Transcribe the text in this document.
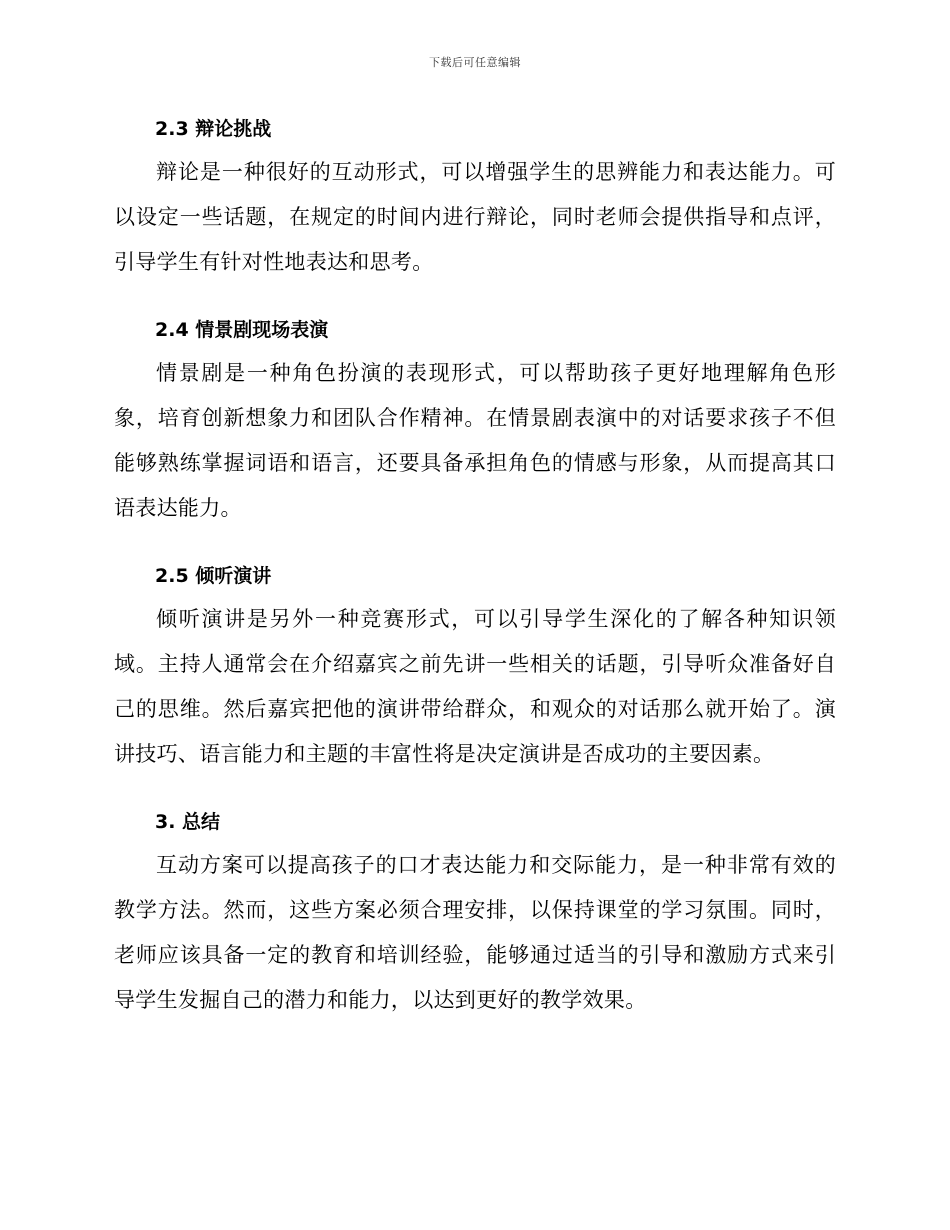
下载后可任意编辑
2.3 辩论挑战

辩论是一种很好的互动形式，可以增强学生的思辨能力和表达能力。可以设定一些话题，在规定的时间内进行辩论，同时老师会提供指导和点评，引导学生有针对性地表达和思考。

2.4 情景剧现场表演

情景剧是一种角色扮演的表现形式，可以帮助孩子更好地理解角色形象，培育创新想象力和团队合作精神。在情景剧表演中的对话要求孩子不但能够熟练掌握词语和语言，还要具备承担角色的情感与形象，从而提高其口语表达能力。

2.5 倾听演讲

倾听演讲是另外一种竞赛形式，可以引导学生深化的了解各种知识领域。主持人通常会在介绍嘉宾之前先讲一些相关的话题，引导听众准备好自己的思维。然后嘉宾把他的演讲带给群众，和观众的对话那么就开始了。演讲技巧、语言能力和主题的丰富性将是决定演讲是否成功的主要因素。

3. 总结

互动方案可以提高孩子的口才表达能力和交际能力，是一种非常有效的教学方法。然而，这些方案必须合理安排，以保持课堂的学习氛围。同时，老师应该具备一定的教育和培训经验，能够通过适当的引导和激励方式来引导学生发掘自己的潜力和能力，以达到更好的教学效果。
